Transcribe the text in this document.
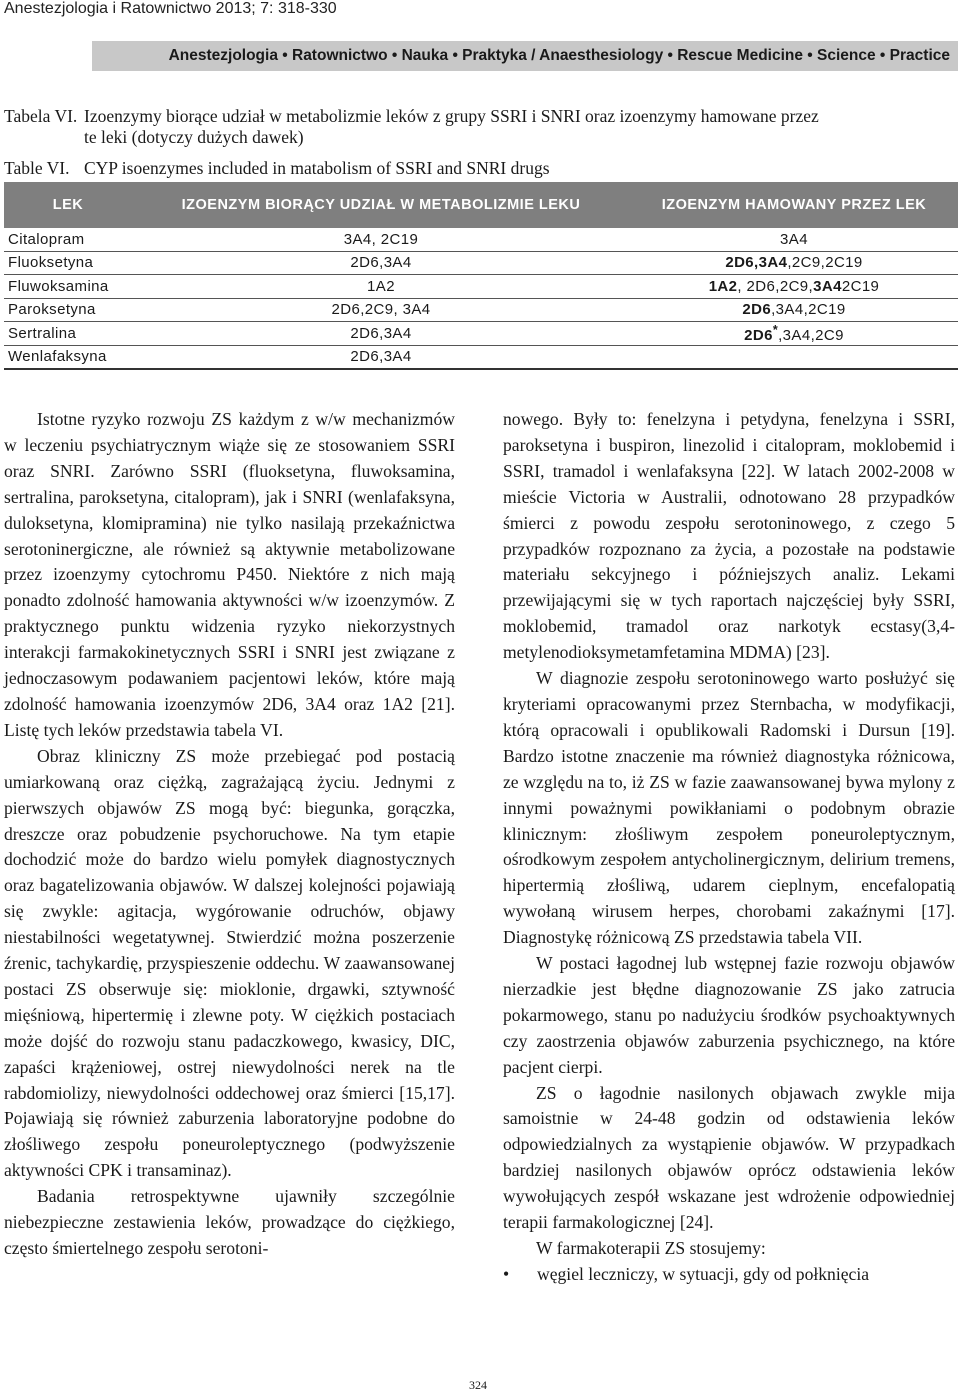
Anestezjologia i Ratownictwo 2013; 7: 318-330
Anestezjologia • Ratownictwo • Nauka • Praktyka / Anaesthesiology • Rescue Medicine • Science • Practice
Tabela VI. Izoenzymy biorące udział w metabolizmie leków z grupy SSRI i SNRI oraz izoenzymy hamowane przez
te leki (dotyczy dużych dawek)
Table VI. CYP isoenzymes included in matabolism of SSRI and SNRI drugs
LEK	IZOENZYM BIORĄCY UDZIAŁ W METABOLIZMIE LEKU	IZOENZYM HAMOWANY PRZEZ LEK
Citalopram	3A4, 2C19	3A4
Fluoksetyna	2D6,3A4	2D6,3A4,2C9,2C19
Fluwoksamina	1A2	1A2, 2D6,2C9,3A42C19
Paroksetyna	2D6,2C9, 3A4	2D6,3A4,2C19
Sertralina	2D6,3A4	2D6*,3A4,2C9
Wenlafaksyna	2D6,3A4	

Istotne ryzyko rozwoju ZS każdym z w/w mechanizmów w leczeniu psychiatrycznym wiąże się ze stosowaniem SSRI oraz SNRI. Zarówno SSRI (fluoksetyna, fluwoksamina, sertralina, paroksetyna, citalopram), jak i SNRI (wenlafaksyna, duloksetyna, klomipramina) nie tylko nasilają przekaźnictwa serotoninergiczne, ale również są aktywnie metabolizowane przez izoenzymy cytochromu P450. Niektóre z nich mają ponadto zdolność hamowania aktywności w/w izoenzymów. Z praktycznego punktu widzenia ryzyko niekorzystnych interakcji farmakokinetycznych SSRI i SNRI jest związane z jednoczasowym podawaniem pacjentowi leków, które mają zdolność hamowania izoenzymów 2D6, 3A4 oraz 1A2 [21]. Listę tych leków przedstawia tabela VI.

Obraz kliniczny ZS może przebiegać pod postacią umiarkowaną oraz ciężką, zagrażającą życiu. Jednymi z pierwszych objawów ZS mogą być: biegunka, gorączka, dreszcze oraz pobudzenie psychoruchowe. Na tym etapie dochodzić może do bardzo wielu pomyłek diagnostycznych oraz bagatelizowania objawów. W dalszej kolejności pojawiają się zwykle: agitacja, wygórowanie odruchów, objawy niestabilności wegetatywnej. Stwierdzić można poszerzenie źrenic, tachykardię, przyspieszenie oddechu. W zaawansowanej postaci ZS obserwuje się: mioklonie, drgawki, sztywność mięśniową, hipertermię i zlewne poty. W ciężkich postaciach może dojść do rozwoju stanu padaczkowego, kwasicy, DIC, zapaści krążeniowej, ostrej niewydolności nerek na tle rabdomiolizy, niewydolności oddechowej oraz śmierci [15,17]. Pojawiają się również zaburzenia laboratoryjne podobne do złośliwego zespołu poneuroleptycznego (podwyższenie aktywności CPK i transaminaz).

Badania retrospektywne ujawniły szczególnie niebezpieczne zestawienia leków, prowadzące do ciężkiego, często śmiertelnego zespołu serotoni-

nowego. Były to: fenelzyna i petydyna, fenelzyna i SSRI, paroksetyna i buspiron, linezolid i citalopram, moklobemid i SSRI, tramadol i wenlafaksyna [22]. W latach 2002-2008 w mieście Victoria w Australii, odnotowano 28 przypadków śmierci z powodu zespołu serotoninowego, z czego 5 przypadków rozpoznano za życia, a pozostałe na podstawie materiału sekcyjnego i późniejszych analiz. Lekami przewijającymi się w tych raportach najczęściej były SSRI, moklobemid, tramadol oraz narkotyk ecstasy(3,4-metylenodioksymetamfetamina MDMA) [23].

W diagnozie zespołu serotoninowego warto posłużyć się kryteriami opracowanymi przez Sternbacha, w modyfikacji, którą opracowali i opublikowali Radomski i Dursun [19]. Bardzo istotne znaczenie ma również diagnostyka różnicowa, ze względu na to, iż ZS w fazie zaawansowanej bywa mylony z innymi poważnymi powikłaniami o podobnym obrazie klinicznym: złośliwym zespołem poneuroleptycznym, ośrodkowym zespołem antycholinergicznym, delirium tremens, hipertermią złośliwą, udarem cieplnym, encefalopatią wywołaną wirusem herpes, chorobami zakaźnymi [17]. Diagnostykę różnicową ZS przedstawia tabela VII.

W postaci łagodnej lub wstępnej fazie rozwoju objawów nierzadkie jest błędne diagnozowanie ZS jako zatrucia pokarmowego, stanu po nadużyciu środków psychoaktywnych czy zaostrzenia objawów zaburzenia psychicznego, na które pacjent cierpi.

ZS o łagodnie nasilonych objawach zwykle mija samoistnie w 24-48 godzin od odstawienia leków odpowiedzialnych za wystąpienie objawów. W przypadkach bardziej nasilonych objawów oprócz odstawienia leków wywołujących zespół wskazane jest wdrożenie odpowiedniej terapii farmakologicznej [24].

W farmakoterapii ZS stosujemy:

•	węgiel leczniczy, w sytuacji, gdy od połknięcia
324
